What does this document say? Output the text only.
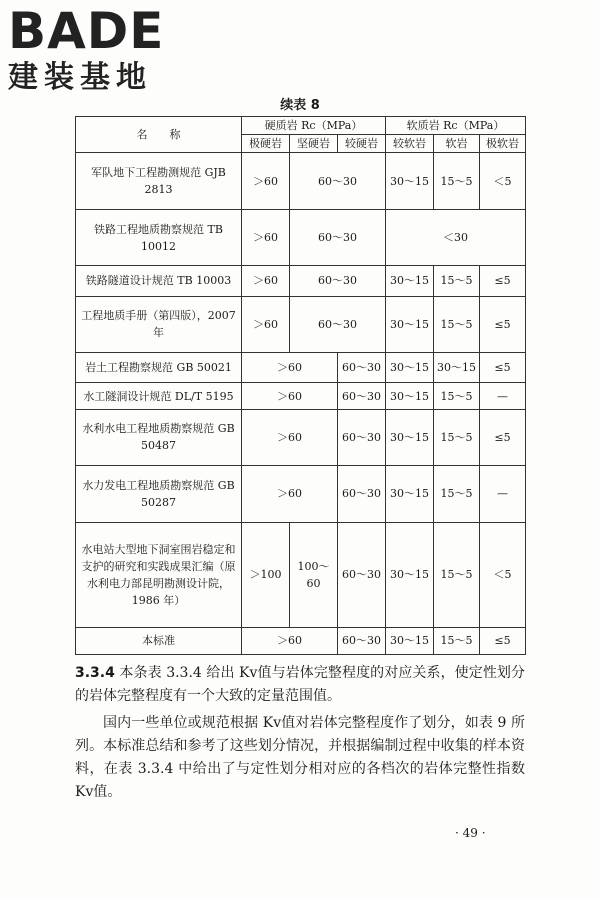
BADE
建装基地
续表 8
名　　称	硬质岩 Rc（MPa）			软质岩 Rc（MPa）		
	极硬岩	坚硬岩	较硬岩	较软岩	软岩	极软岩
军队地下工程勘测规范 GJB 2813	＞60	60～30		30～15	15～5	＜5
铁路工程地质勘察规范 TB 10012	＞60	60～30		＜30		
铁路隧道设计规范 TB 10003	＞60	60～30		30～15	15～5	≤5
工程地质手册（第四版），2007 年	＞60	60～30		30～15	15～5	≤5
岩土工程勘察规范 GB 50021	＞60		60～30	30～15	30～15	≤5
水工隧洞设计规范 DL/T 5195	＞60		60～30	30～15	15～5	—
水利水电工程地质勘察规范 GB 50487	＞60		60～30	30～15	15～5	≤5
水力发电工程地质勘察规范 GB 50287	＞60		60～30	30～15	15～5	—
水电站大型地下洞室围岩稳定和支护的研究和实践成果汇编（原水利电力部昆明勘测设计院，1986 年）	＞100	100～60	60～30	30～15	15～5	＜5
本标准	＞60		60～30	30～15	15～5	≤5
3.3.4 本条表 3.3.4 给出 Kv值与岩体完整程度的对应关系，使定性划分的岩体完整程度有一个大致的定量范围值。
国内一些单位或规范根据 Kv值对岩体完整程度作了划分，如表 9 所列。本标准总结和参考了这些划分情况，并根据编制过程中收集的样本资料，在表 3.3.4 中给出了与定性划分相对应的各档次的岩体完整性指数 Kv值。
· 49 ·
